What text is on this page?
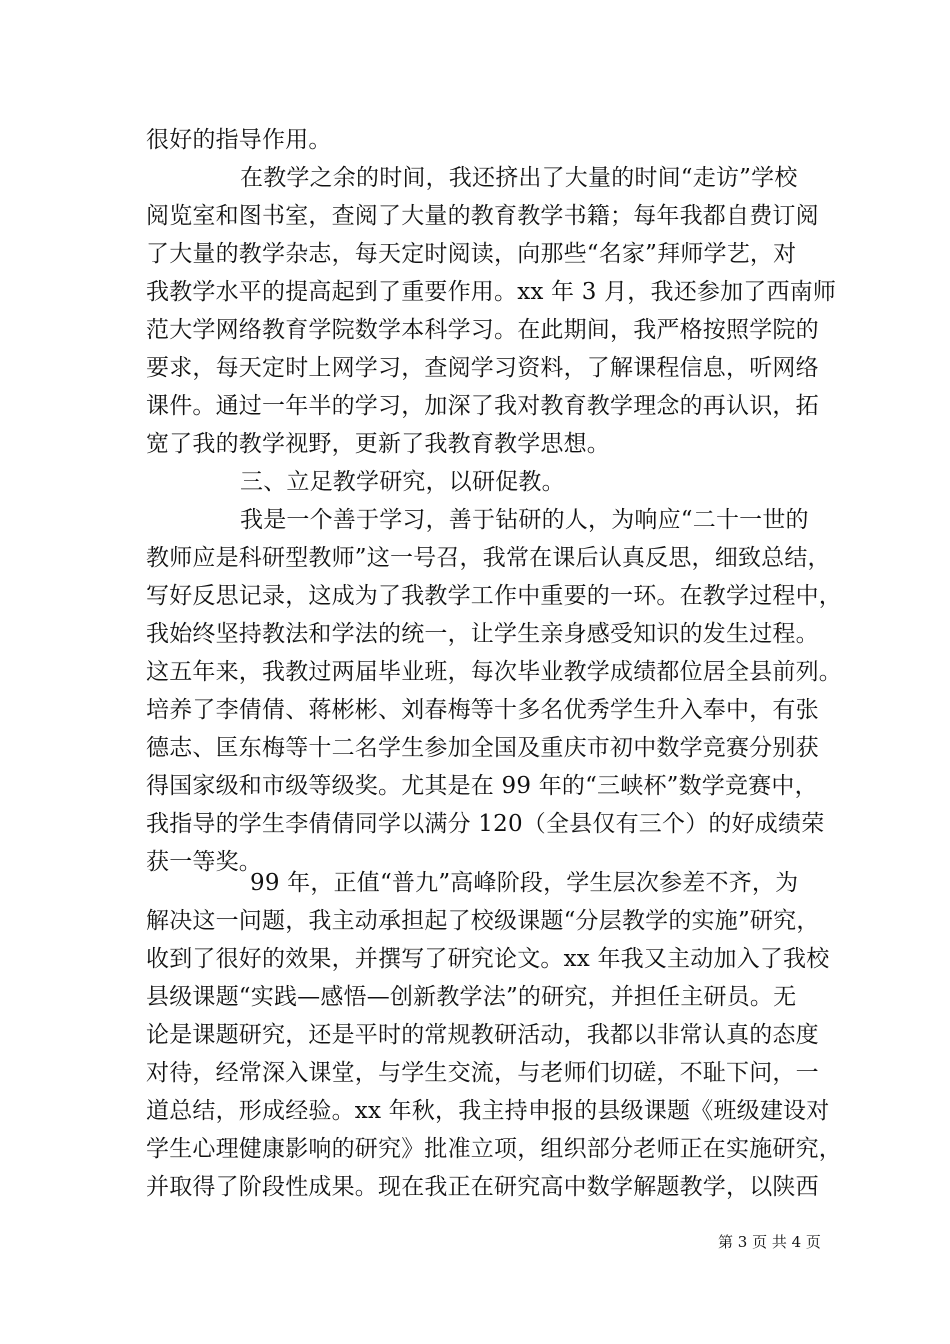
很好的指导作用。
在教学之余的时间，我还挤出了大量的时间“走访”学校
阅览室和图书室，查阅了大量的教育教学书籍；每年我都自费订阅
了大量的教学杂志，每天定时阅读，向那些“名家”拜师学艺，对
我教学水平的提高起到了重要作用。xx 年 3 月，我还参加了西南师
范大学网络教育学院数学本科学习。在此期间，我严格按照学院的
要求，每天定时上网学习，查阅学习资料，了解课程信息，听网络
课件。通过一年半的学习，加深了我对教育教学理念的再认识，拓
宽了我的教学视野，更新了我教育教学思想。
三、立足教学研究，以研促教。
我是一个善于学习，善于钻研的人，为响应“二十一世的
教师应是科研型教师”这一号召，我常在课后认真反思，细致总结，
写好反思记录，这成为了我教学工作中重要的一环。在教学过程中，
我始终坚持教法和学法的统一，让学生亲身感受知识的发生过程。
这五年来，我教过两届毕业班，每次毕业教学成绩都位居全县前列。
培养了李倩倩、蒋彬彬、刘春梅等十多名优秀学生升入奉中，有张
德志、匡东梅等十二名学生参加全国及重庆市初中数学竞赛分别获
得国家级和市级等级奖。尤其是在 99 年的“三峡杯”数学竞赛中，
我指导的学生李倩倩同学以满分 120（全县仅有三个）的好成绩荣
获一等奖。
99 年，正值“普九”高峰阶段，学生层次参差不齐，为
解决这一问题，我主动承担起了校级课题“分层教学的实施”研究，
收到了很好的效果，并撰写了研究论文。xx 年我又主动加入了我校
县级课题“实践—感悟—创新教学法”的研究，并担任主研员。无
论是课题研究，还是平时的常规教研活动，我都以非常认真的态度
对待，经常深入课堂，与学生交流，与老师们切磋，不耻下问，一
道总结，形成经验。xx 年秋，我主持申报的县级课题《班级建设对
学生心理健康影响的研究》批准立项，组织部分老师正在实施研究，
并取得了阶段性成果。现在我正在研究高中数学解题教学，以陕西
第 3 页 共 4 页
